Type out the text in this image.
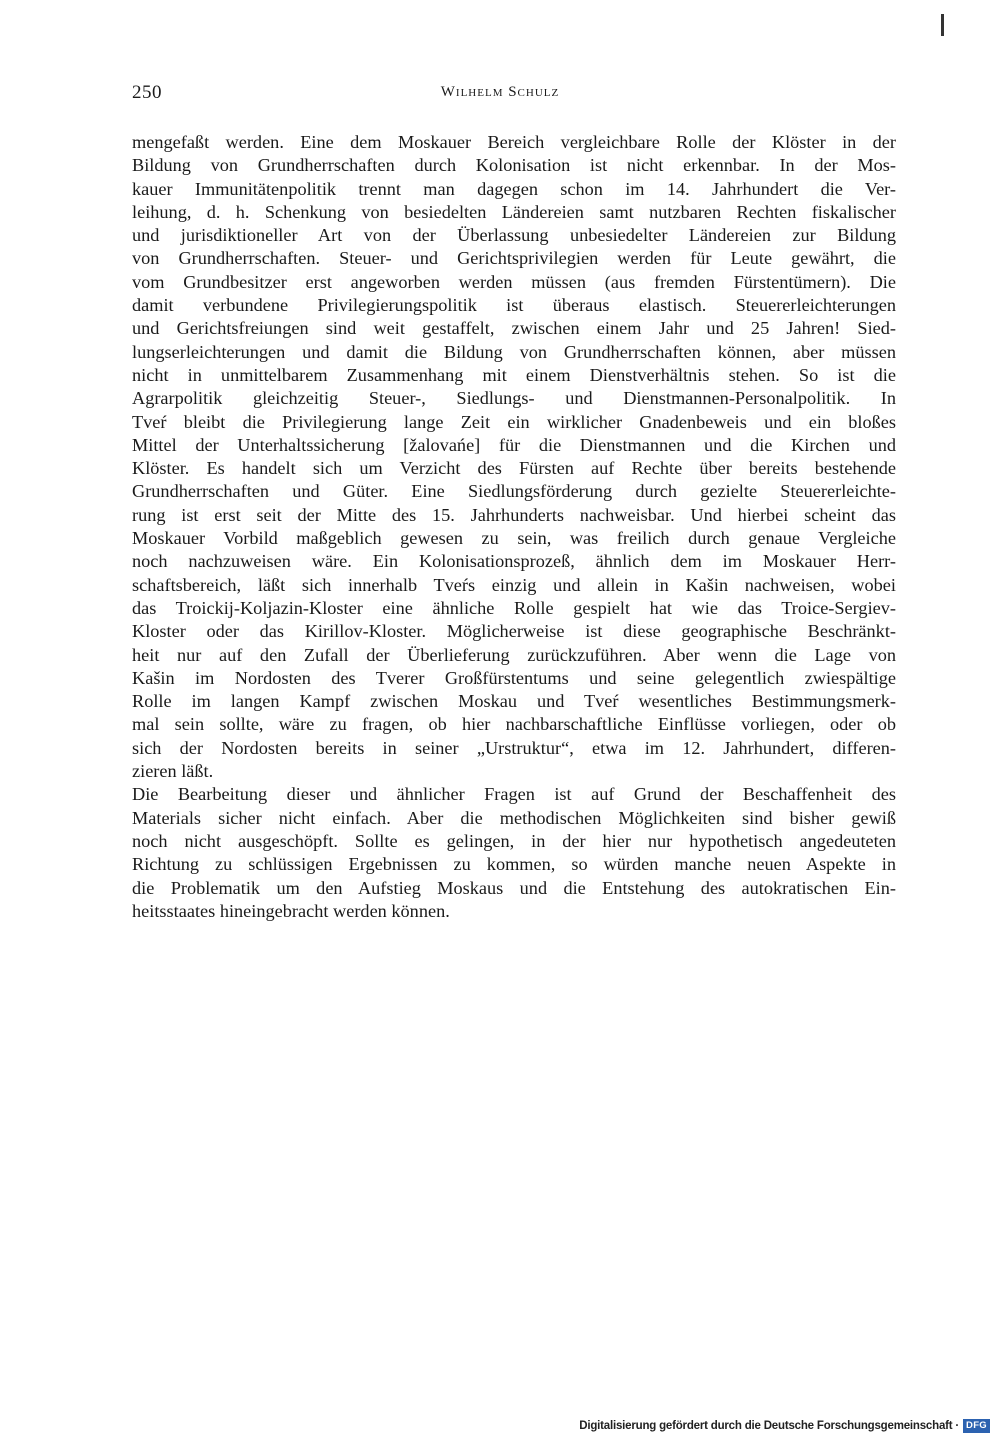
250	Wilhelm Schulz
mengefaßt werden. Eine dem Moskauer Bereich vergleichbare Rolle der Klöster in der
Bildung von Grundherrschaften durch Kolonisation ist nicht erkennbar. In der Mos-
kauer Immunitätenpolitik trennt man dagegen schon im 14. Jahrhundert die Ver-
leihung, d. h. Schenkung von besiedelten Ländereien samt nutzbaren Rechten fiskalischer
und jurisdiktioneller Art von der Überlassung unbesiedelter Ländereien zur Bildung
von Grundherrschaften. Steuer- und Gerichtsprivilegien werden für Leute gewährt, die
vom Grundbesitzer erst angeworben werden müssen (aus fremden Fürstentümern). Die
damit verbundene Privilegierungspolitik ist überaus elastisch. Steuererleichterungen
und Gerichtsfreiungen sind weit gestaffelt, zwischen einem Jahr und 25 Jahren! Sied-
lungserleichterungen und damit die Bildung von Grundherrschaften können, aber müssen
nicht in unmittelbarem Zusammenhang mit einem Dienstverhältnis stehen. So ist die
Agrarpolitik gleichzeitig Steuer-, Siedlungs- und Dienstmannen-Personalpolitik. In
Tveŕ bleibt die Privilegierung lange Zeit ein wirklicher Gnadenbeweis und ein bloßes
Mittel der Unterhaltssicherung [žalovańe] für die Dienstmannen und die Kirchen und
Klöster. Es handelt sich um Verzicht des Fürsten auf Rechte über bereits bestehende
Grundherrschaften und Güter. Eine Siedlungsförderung durch gezielte Steuererleichte-
rung ist erst seit der Mitte des 15. Jahrhunderts nachweisbar. Und hierbei scheint das
Moskauer Vorbild maßgeblich gewesen zu sein, was freilich durch genaue Vergleiche
noch nachzuweisen wäre. Ein Kolonisationsprozeß, ähnlich dem im Moskauer Herr-
schaftsbereich, läßt sich innerhalb Tveŕs einzig und allein in Kašin nachweisen, wobei
das Troickij-Koljazin-Kloster eine ähnliche Rolle gespielt hat wie das Troice-Sergiev-
Kloster oder das Kirillov-Kloster. Möglicherweise ist diese geographische Beschränkt-
heit nur auf den Zufall der Überlieferung zurückzuführen. Aber wenn die Lage von
Kašin im Nordosten des Tverer Großfürstentums und seine gelegentlich zwiespältige
Rolle im langen Kampf zwischen Moskau und Tveŕ wesentliches Bestimmungsmerk-
mal sein sollte, wäre zu fragen, ob hier nachbarschaftliche Einflüsse vorliegen, oder ob
sich der Nordosten bereits in seiner „Urstruktur“, etwa im 12. Jahrhundert, differen-
zieren läßt.
Die Bearbeitung dieser und ähnlicher Fragen ist auf Grund der Beschaffenheit des
Materials sicher nicht einfach. Aber die methodischen Möglichkeiten sind bisher gewiß
noch nicht ausgeschöpft. Sollte es gelingen, in der hier nur hypothetisch angedeuteten
Richtung zu schlüssigen Ergebnissen zu kommen, so würden manche neuen Aspekte in
die Problematik um den Aufstieg Moskaus und die Entstehung des autokratischen Ein-
heitsstaates hineingebracht werden können.
Digitalisierung gefördert durch die Deutsche Forschungsgemeinschaft · DFG
